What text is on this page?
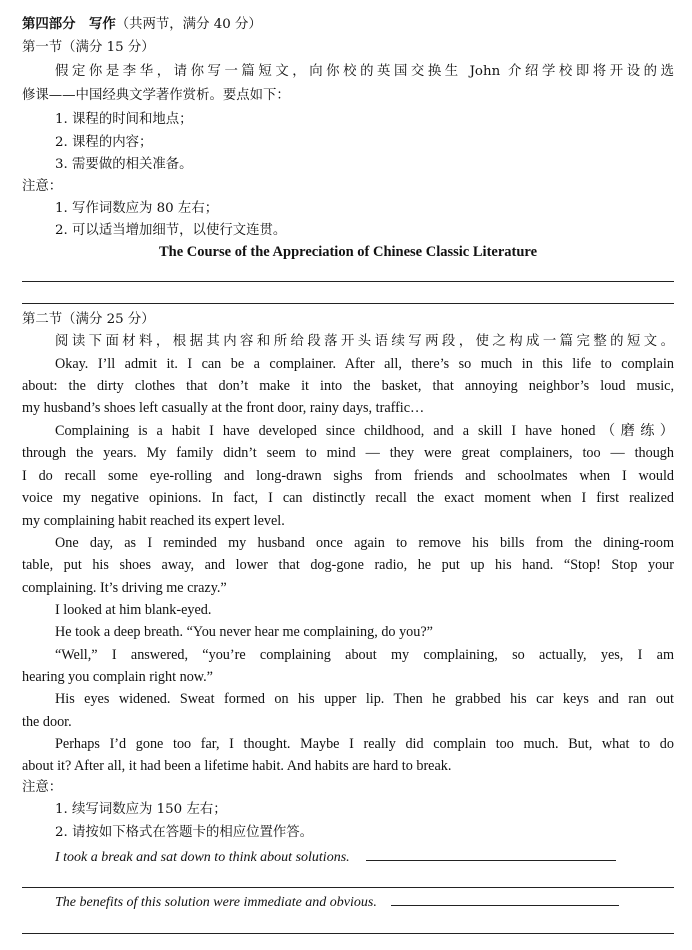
第四部分　写作（共两节，满分 40 分）
第一节（满分 15 分）
假定你是李华，请你写一篇短文，向你校的英国交换生 John 介绍学校即将开设的选
修课——中国经典文学著作赏析。要点如下：
1. 课程的时间和地点；
2. 课程的内容；
3. 需要做的相关准备。
注意：
1. 写作词数应为 80 左右；
2. 可以适当增加细节，以使行文连贯。
The Course of the Appreciation of Chinese Classic Literature
第二节（满分 25 分）
阅读下面材料，根据其内容和所给段落开头语续写两段，使之构成一篇完整的短文。
Okay. I’ll admit it. I can be a complainer. After all, there’s so much in this life to complain
about: the dirty clothes that don’t make it into the basket, that annoying neighbor’s loud music,
my husband’s shoes left casually at the front door, rainy days, traffic…
Complaining is a habit I have developed since childhood, and a skill I have honed（磨练）
through the years. My family didn’t seem to mind — they were great complainers, too — though
I do recall some eye-rolling and long-drawn sighs from friends and schoolmates when I would
voice my negative opinions. In fact, I can distinctly recall the exact moment when I first realized
my complaining habit reached its expert level.
One day, as I reminded my husband once again to remove his bills from the dining-room
table, put his shoes away, and lower that dog-gone radio, he put up his hand. “Stop! Stop your
complaining. It’s driving me crazy.”
I looked at him blank-eyed.
He took a deep breath. “You never hear me complaining, do you?”
“Well,” I answered, “you’re complaining about my complaining, so actually, yes, I am
hearing you complain right now.”
His eyes widened. Sweat formed on his upper lip. Then he grabbed his car keys and ran out
the door.
Perhaps I’d gone too far, I thought. Maybe I really did complain too much. But, what to do
about it? After all, it had been a lifetime habit. And habits are hard to break.
注意：
1. 续写词数应为 150 左右；
2. 请按如下格式在答题卡的相应位置作答。
I took a break and sat down to think about solutions.
The benefits of this solution were immediate and obvious.
